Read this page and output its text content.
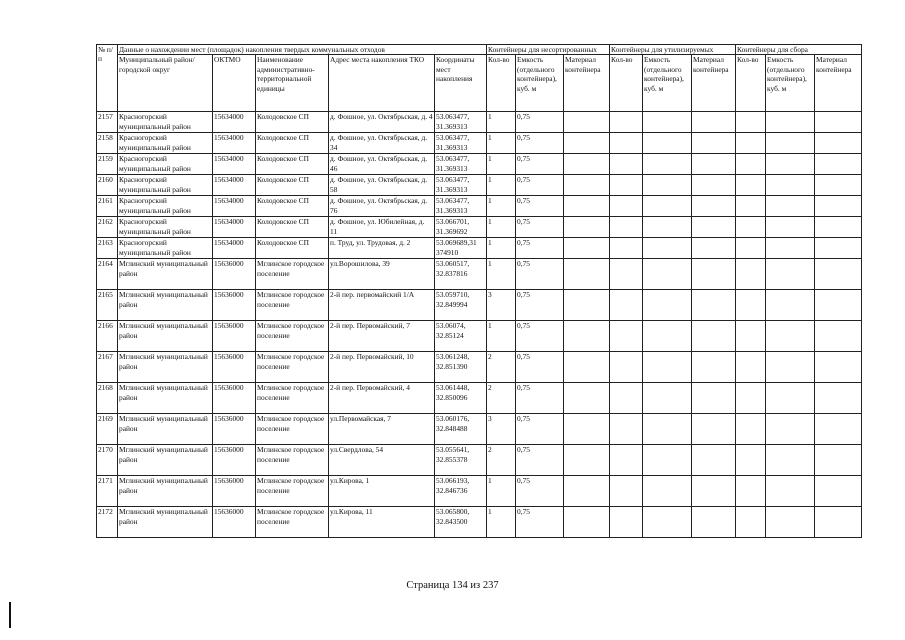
№ п/п	Данные о нахождении мест (площадок) накопления твердых коммунальных отходов					Контейнеры для несортированных			Контейнеры для утилизируемых			Контейнеры для сбора		
	Муниципальный район/городской округ	ОКТМО	Наименование административно-территориальной единицы	Адрес места накопления ТКО	Координаты мест накопления	Кол-во	Емкость (отдельного контейнера), куб. м	Материал контейнера	Кол-во	Емкость (отдельного контейнера), куб. м	Материал контейнера	Кол-во	Емкость (отдельного контейнера), куб. м	Материал контейнера
2157	Красногорский муниципальный район	15634000	Колодовское СП	д. Фошное, ул. Октябрьская, д. 4	53.063477, 31.369313	1	0,75							
2158	Красногорский муниципальный район	15634000	Колодовское СП	д. Фошное, ул. Октябрьская, д. 34	53.063477, 31.369313	1	0,75							
2159	Красногорский муниципальный район	15634000	Колодовское СП	д. Фошное, ул. Октябрьская, д. 46	53.063477, 31.369313	1	0,75							
2160	Красногорский муниципальный район	15634000	Колодовское СП	д. Фошное, ул. Октябрьская, д. 58	53.063477, 31.369313	1	0,75							
2161	Красногорский муниципальный район	15634000	Колодовское СП	д. Фошное, ул. Октябрьская, д. 76	53.063477, 31.369313	1	0,75							
2162	Красногорский муниципальный район	15634000	Колодовское СП	д. Фошное, ул. Юбилейная, д. 11	53.066701, 31.369692	1	0,75							
2163	Красногорский муниципальный район	15634000	Колодовское СП	п. Труд, ул. Трудовая, д. 2	53.069689,31 374910	1	0,75							
2164	Мглинский муниципальный район	15636000	Мглинское городское поселение	ул.Ворошилова, 39	53.060517, 32.837816	1	0,75							
2165	Мглинский муниципальный район	15636000	Мглинское городское поселение	2-й пер. первомайский 1/А	53.059710, 32.849994	3	0,75							
2166	Мглинский муниципальный район	15636000	Мглинское городское поселение	2-й пер. Первомайский, 7	53.06074, 32.85124	1	0,75							
2167	Мглинский муниципальный район	15636000	Мглинское городское поселение	2-й пер. Первомайский, 10	53.061248, 32.851390	2	0,75							
2168	Мглинский муниципальный район	15636000	Мглинское городское поселение	2-й пер. Первомайский, 4	53.061448, 32.850096	2	0,75							
2169	Мглинский муниципальный район	15636000	Мглинское городское поселение	ул.Первомайская, 7	53.060176, 32.848488	3	0,75							
2170	Мглинский муниципальный район	15636000	Мглинское городское поселение	ул.Свердлова, 54	53.055641, 32.855378	2	0,75							
2171	Мглинский муниципальный район	15636000	Мглинское городское поселение	ул.Кирова, 1	53.066193, 32.846736	1	0,75							
2172	Мглинский муниципальный район	15636000	Мглинское городское поселение	ул.Кирова, 11	53.065800, 32.843500	1	0,75							
Страница 134 из 237
